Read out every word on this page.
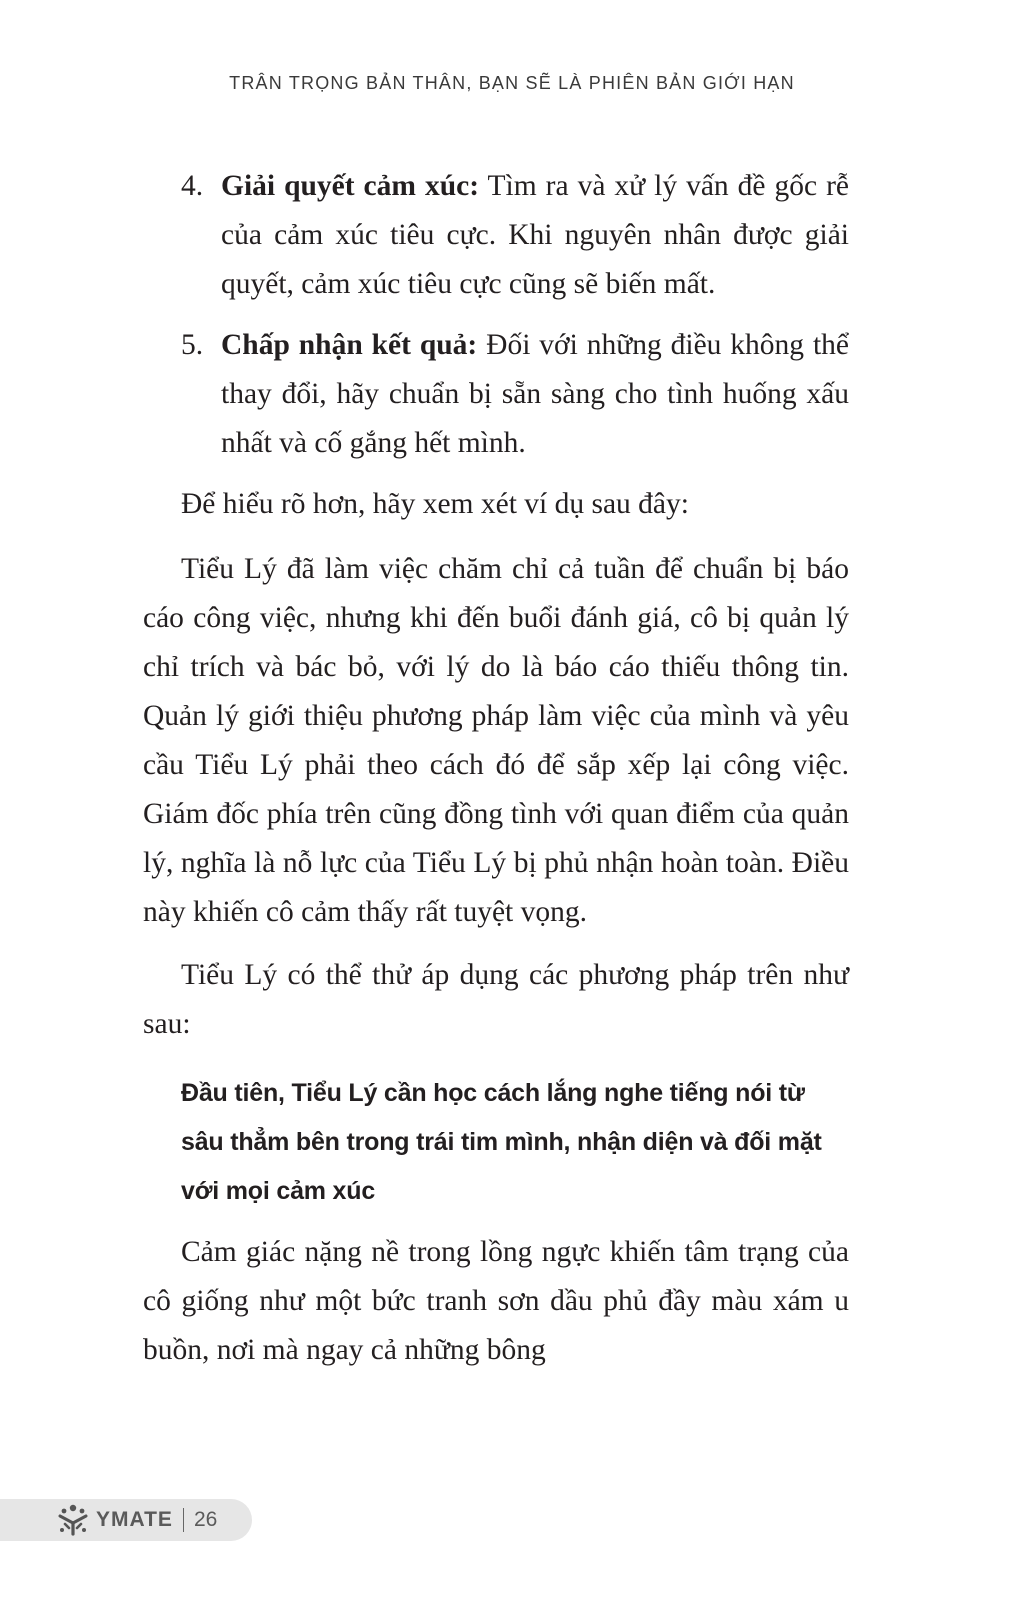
TRÂN TRỌNG BẢN THÂN, BẠN SẼ LÀ PHIÊN BẢN GIỚI HẠN
4. Giải quyết cảm xúc: Tìm ra và xử lý vấn đề gốc rễ của cảm xúc tiêu cực. Khi nguyên nhân được giải quyết, cảm xúc tiêu cực cũng sẽ biến mất.
5. Chấp nhận kết quả: Đối với những điều không thể thay đổi, hãy chuẩn bị sẵn sàng cho tình huống xấu nhất và cố gắng hết mình.

Để hiểu rõ hơn, hãy xem xét ví dụ sau đây:

Tiểu Lý đã làm việc chăm chỉ cả tuần để chuẩn bị báo cáo công việc, nhưng khi đến buổi đánh giá, cô bị quản lý chỉ trích và bác bỏ, với lý do là báo cáo thiếu thông tin. Quản lý giới thiệu phương pháp làm việc của mình và yêu cầu Tiểu Lý phải theo cách đó để sắp xếp lại công việc. Giám đốc phía trên cũng đồng tình với quan điểm của quản lý, nghĩa là nỗ lực của Tiểu Lý bị phủ nhận hoàn toàn. Điều này khiến cô cảm thấy rất tuyệt vọng.

Tiểu Lý có thể thử áp dụng các phương pháp trên như sau:

Đầu tiên, Tiểu Lý cần học cách lắng nghe tiếng nói từ sâu thẳm bên trong trái tim mình, nhận diện và đối mặt với mọi cảm xúc

Cảm giác nặng nề trong lồng ngực khiến tâm trạng của cô giống như một bức tranh sơn dầu phủ đầy màu xám u buồn, nơi mà ngay cả những bông

YMATE 26
